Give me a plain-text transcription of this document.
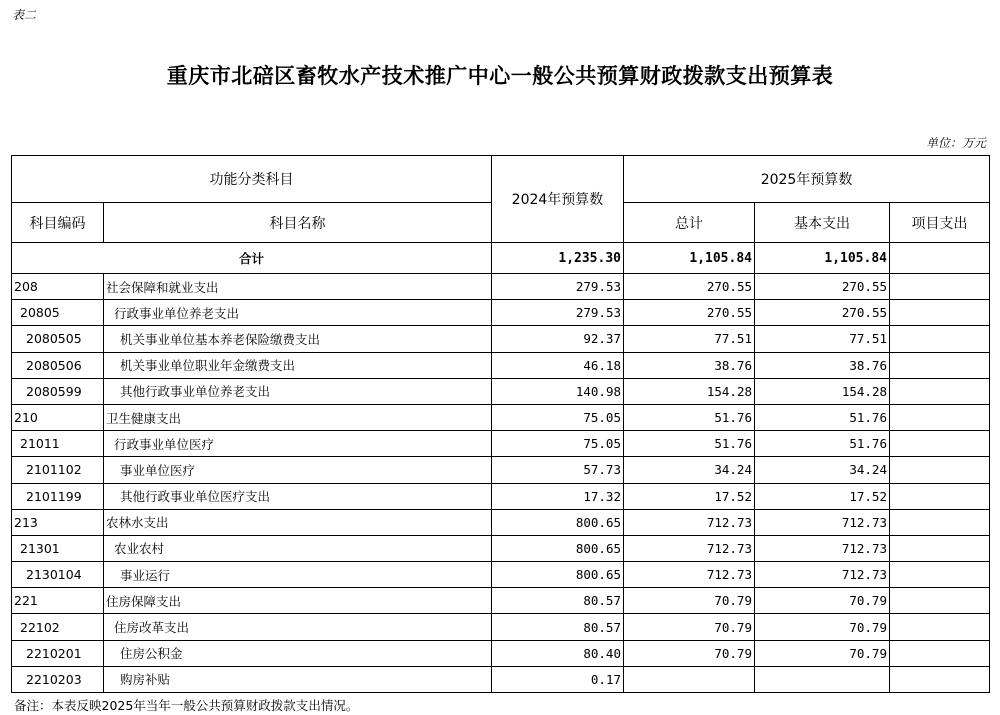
表二
重庆市北碚区畜牧水产技术推广中心一般公共预算财政拨款支出预算表
单位：万元
功能分类科目		2024年预算数	2025年预算数		
科目编码	科目名称		总计	基本支出	项目支出
合计		1,235.30	1,105.84	1,105.84	
208	社会保障和就业支出	279.53	270.55	270.55	
20805	行政事业单位养老支出	279.53	270.55	270.55	
2080505	机关事业单位基本养老保险缴费支出	92.37	77.51	77.51	
2080506	机关事业单位职业年金缴费支出	46.18	38.76	38.76	
2080599	其他行政事业单位养老支出	140.98	154.28	154.28	
210	卫生健康支出	75.05	51.76	51.76	
21011	行政事业单位医疗	75.05	51.76	51.76	
2101102	事业单位医疗	57.73	34.24	34.24	
2101199	其他行政事业单位医疗支出	17.32	17.52	17.52	
213	农林水支出	800.65	712.73	712.73	
21301	农业农村	800.65	712.73	712.73	
2130104	事业运行	800.65	712.73	712.73	
221	住房保障支出	80.57	70.79	70.79	
22102	住房改革支出	80.57	70.79	70.79	
2210201	住房公积金	80.40	70.79	70.79	
2210203	购房补贴	0.17			
备注：本表反映2025年当年一般公共预算财政拨款支出情况。
